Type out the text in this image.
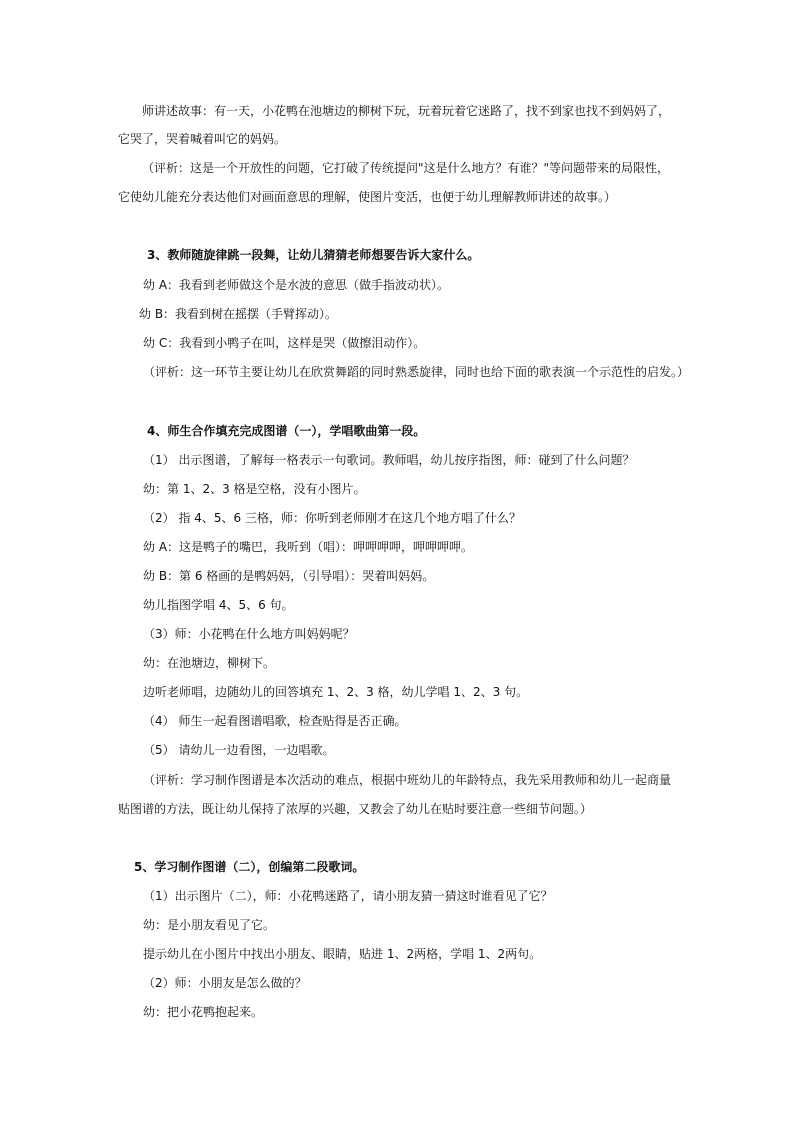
师讲述故事：有一天，小花鸭在池塘边的柳树下玩，玩着玩着它迷路了，找不到家也找不到妈妈了，

它哭了，哭着喊着叫它的妈妈。

（评析：这是一个开放性的问题，它打破了传统提问"这是什么地方？有谁？"等问题带来的局限性，

它使幼儿能充分表达他们对画面意思的理解，使图片变活，也便于幼儿理解教师讲述的故事。）

3、教师随旋律跳一段舞，让幼儿猜猜老师想要告诉大家什么。

幼 A：我看到老师做这个是水波的意思（做手指波动状）。

幼 B：我看到树在摇摆（手臂挥动）。

幼 C：我看到小鸭子在叫，这样是哭（做擦泪动作）。

（评析：这一环节主要让幼儿在欣赏舞蹈的同时熟悉旋律，同时也给下面的歌表演一个示范性的启发。）

4、师生合作填充完成图谱（一），学唱歌曲第一段。

（1） 出示图谱，了解每一格表示一句歌词。教师唱，幼儿按序指图，师：碰到了什么问题？

幼：第 1、2、3 格是空格，没有小图片。

（2） 指 4、5、6 三格，师：你听到老师刚才在这几个地方唱了什么？

幼 A：这是鸭子的嘴巴，我听到（唱）：呷呷呷呷，呷呷呷呷。

幼 B：第 6 格画的是鸭妈妈，（引导唱）：哭着叫妈妈。

幼儿指图学唱 4、5、6 句。

（3）师：小花鸭在什么地方叫妈妈呢？

幼：在池塘边，柳树下。

边听老师唱，边随幼儿的回答填充 1、2、3 格，幼儿学唱 1、2、3 句。

（4） 师生一起看图谱唱歌，检查贴得是否正确。

（5） 请幼儿一边看图，一边唱歌。

（评析：学习制作图谱是本次活动的难点，根据中班幼儿的年龄特点，我先采用教师和幼儿一起商量

贴图谱的方法，既让幼儿保持了浓厚的兴趣，又教会了幼儿在贴时要注意一些细节问题。）

5、学习制作图谱（二），创编第二段歌词。

（1）出示图片（二），师：小花鸭迷路了，请小朋友猜一猜这时谁看见了它？

幼：是小朋友看见了它。

提示幼儿在小图片中找出小朋友、眼睛，贴进 1、2两格，学唱 1、2两句。

（2）师：小朋友是怎么做的？

幼：把小花鸭抱起来。
